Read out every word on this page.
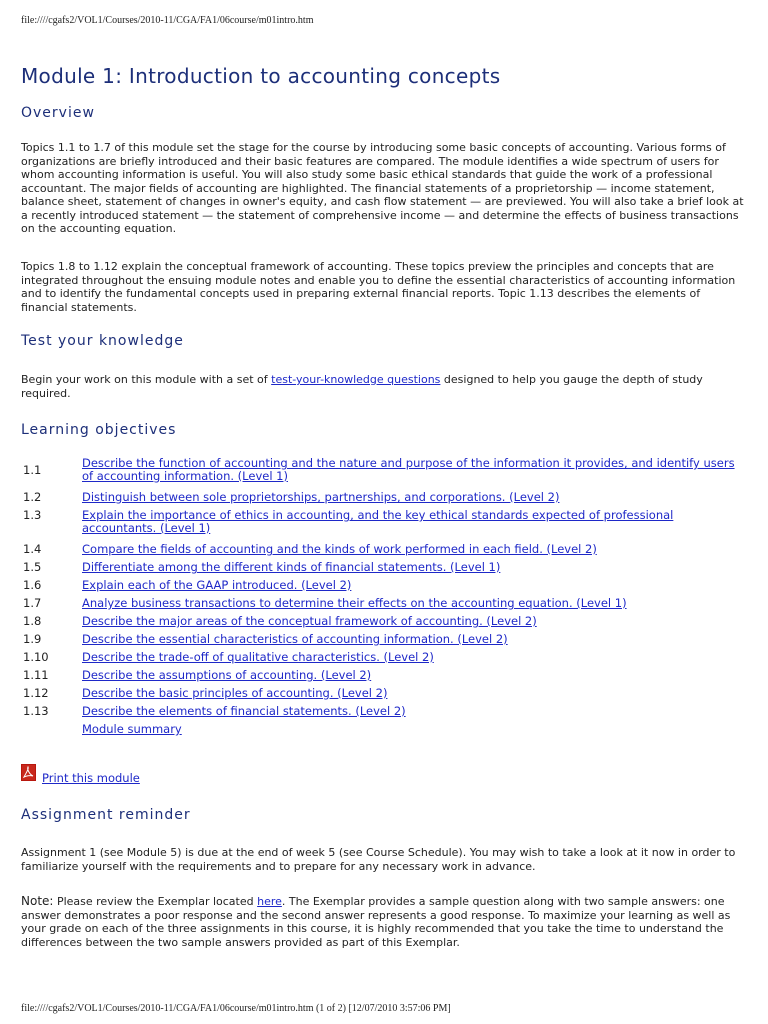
file:////cgafs2/VOL1/Courses/2010-11/CGA/FA1/06course/m01intro.htm
Module 1: Introduction to accounting concepts
Overview

Topics 1.1 to 1.7 of this module set the stage for the course by introducing some basic concepts of accounting. Various forms of organizations are briefly introduced and their basic features are compared. The module identifies a wide spectrum of users for whom accounting information is useful. You will also study some basic ethical standards that guide the work of a professional accountant. The major fields of accounting are highlighted. The financial statements of a proprietorship — income statement, balance sheet, statement of changes in owner's equity, and cash flow statement — are previewed. You will also take a brief look at a recently introduced statement — the statement of comprehensive income — and determine the effects of business transactions on the accounting equation.

Topics 1.8 to 1.12 explain the conceptual framework of accounting. These topics preview the principles and concepts that are integrated throughout the ensuing module notes and enable you to define the essential characteristics of accounting information and to identify the fundamental concepts used in preparing external financial reports. Topic 1.13 describes the elements of financial statements.

Test your knowledge

Begin your work on this module with a set of test-your-knowledge questions designed to help you gauge the depth of study required.

Learning objectives
1.1	Describe the function of accounting and the nature and purpose of the information it provides, and identify users of accounting information. (Level 1)
1.2	Distinguish between sole proprietorships, partnerships, and corporations. (Level 2)
1.3	Explain the importance of ethics in accounting, and the key ethical standards expected of professional accountants. (Level 1)
1.4	Compare the fields of accounting and the kinds of work performed in each field. (Level 2)
1.5	Differentiate among the different kinds of financial statements. (Level 1)
1.6	Explain each of the GAAP introduced. (Level 2)
1.7	Analyze business transactions to determine their effects on the accounting equation. (Level 1)
1.8	Describe the major areas of the conceptual framework of accounting. (Level 2)
1.9	Describe the essential characteristics of accounting information. (Level 2)
1.10	Describe the trade-off of qualitative characteristics. (Level 2)
1.11	Describe the assumptions of accounting. (Level 2)
1.12	Describe the basic principles of accounting. (Level 2)
1.13	Describe the elements of financial statements. (Level 2)
Module summary
Print this module
Assignment reminder

Assignment 1 (see Module 5) is due at the end of week 5 (see Course Schedule). You may wish to take a look at it now in order to familiarize yourself with the requirements and to prepare for any necessary work in advance.

Note: Please review the Exemplar located here. The Exemplar provides a sample question along with two sample answers: one answer demonstrates a poor response and the second answer represents a good response. To maximize your learning as well as your grade on each of the three assignments in this course, it is highly recommended that you take the time to understand the differences between the two sample answers provided as part of this Exemplar.

file:////cgafs2/VOL1/Courses/2010-11/CGA/FA1/06course/m01intro.htm (1 of 2) [12/07/2010 3:57:06 PM]
